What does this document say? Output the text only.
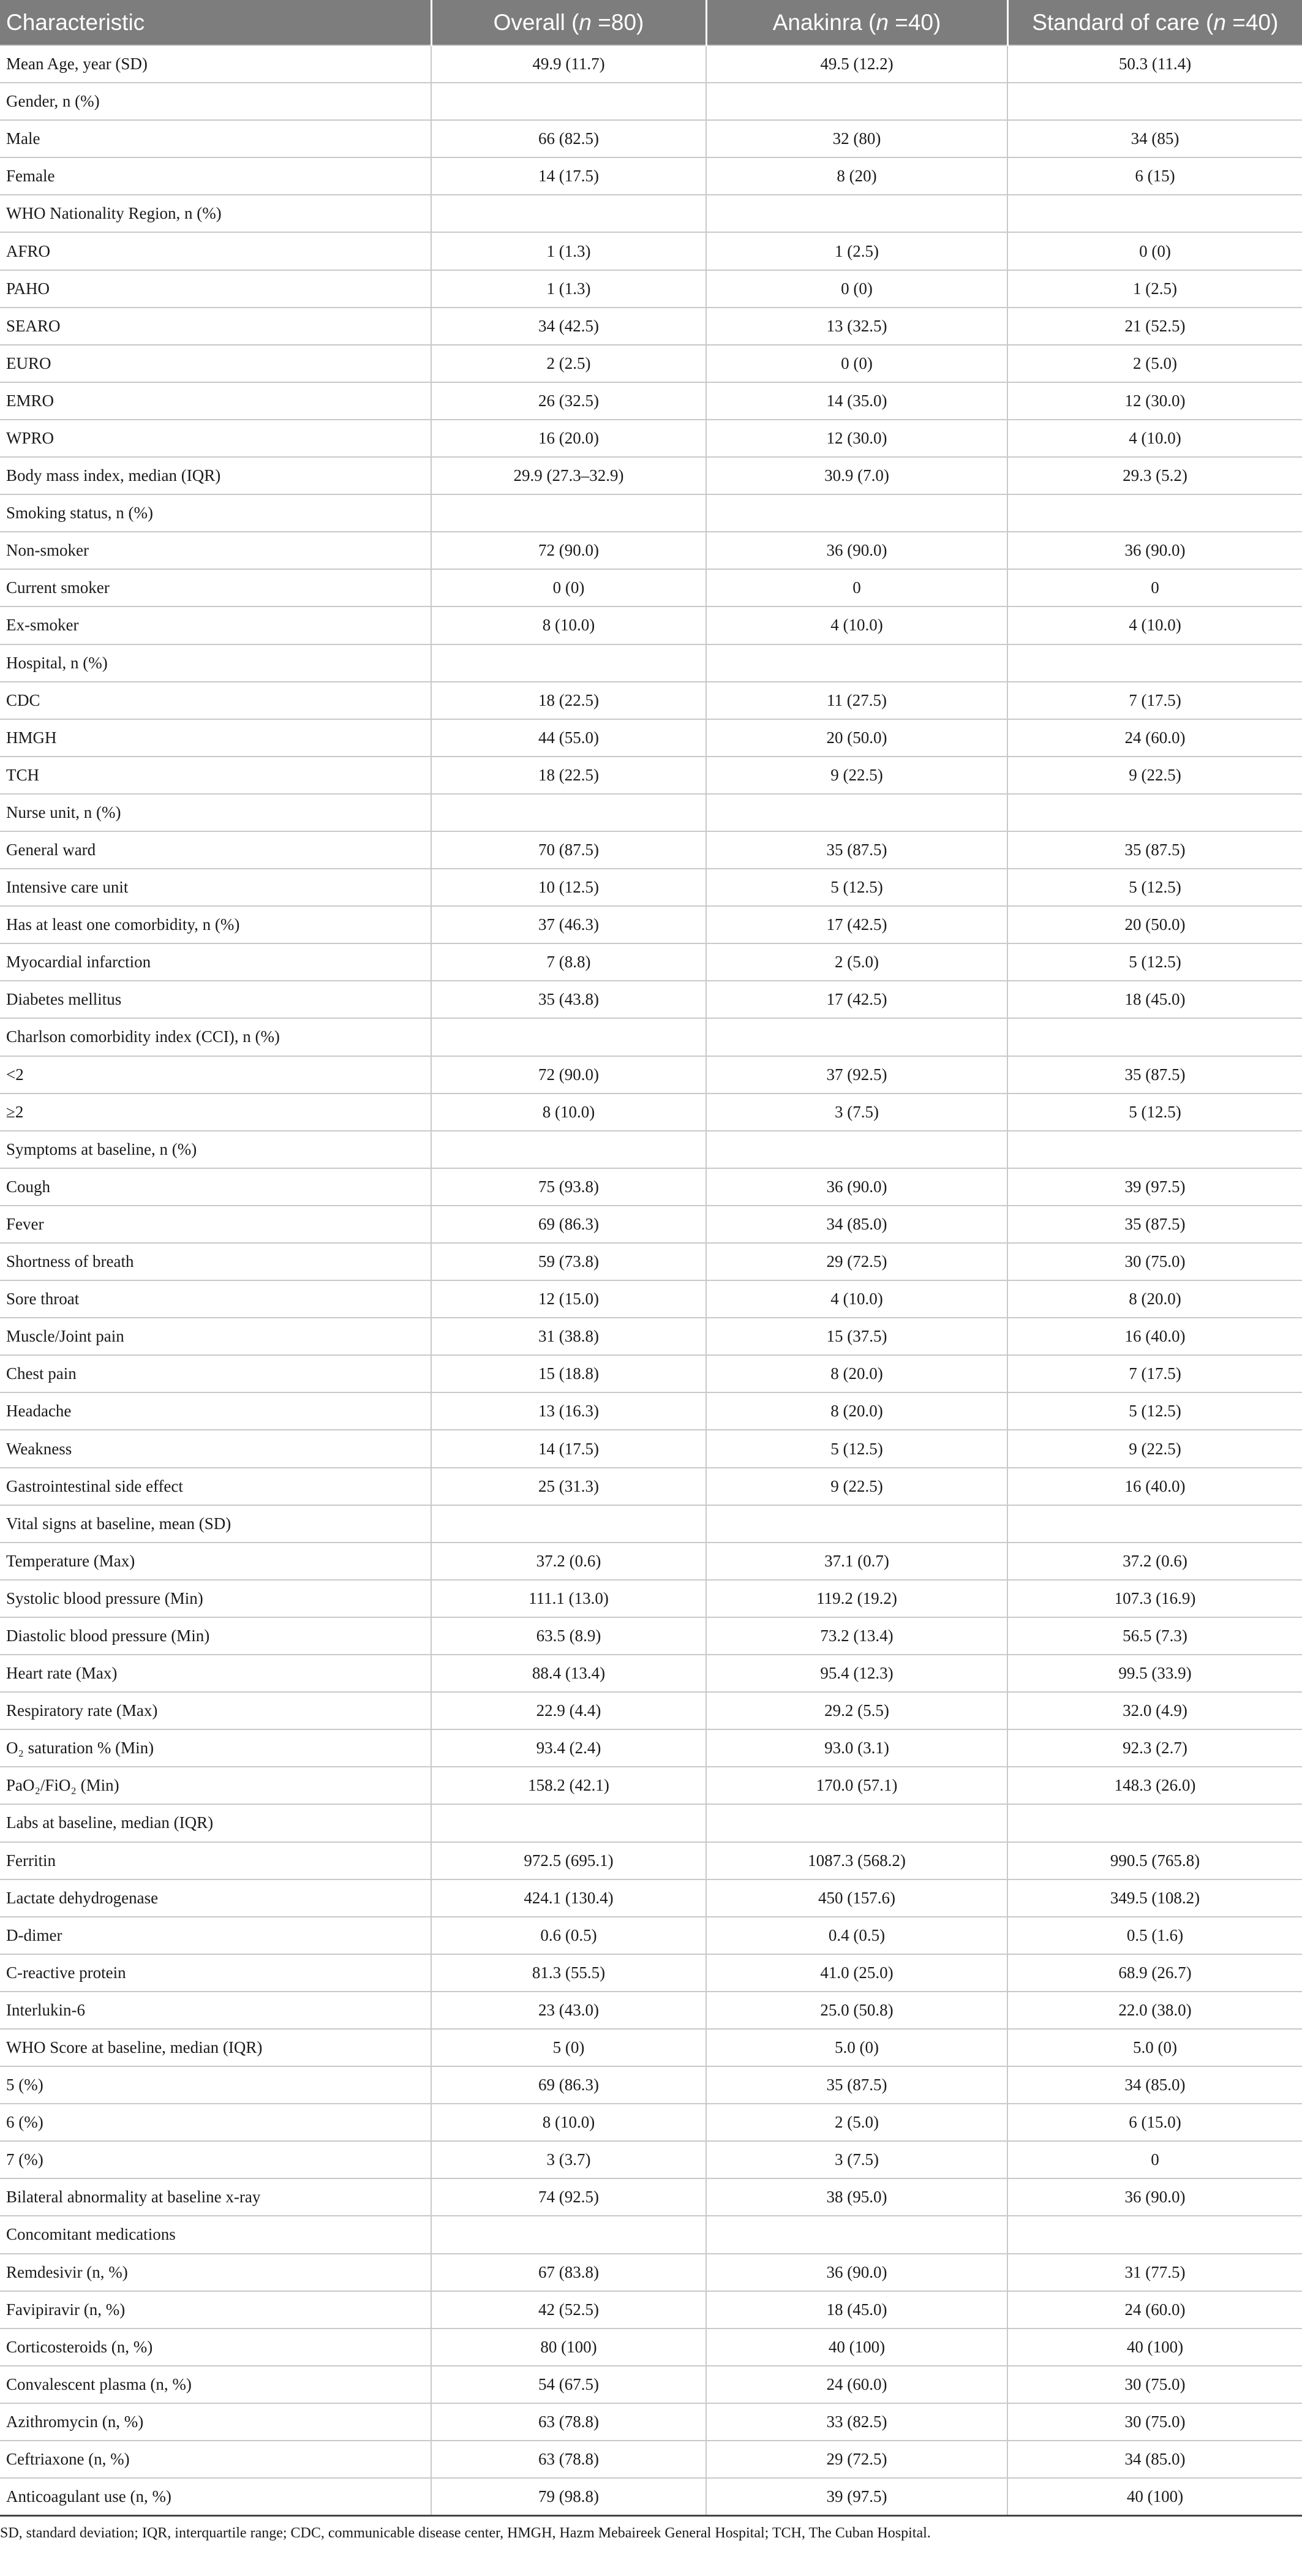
Characteristic	Overall (n =80)	Anakinra (n =40)	Standard of care (n =40)
Mean Age, year (SD)	49.9 (11.7)	49.5 (12.2)	50.3 (11.4)
Gender, n (%)			
Male	66 (82.5)	32 (80)	34 (85)
Female	14 (17.5)	8 (20)	6 (15)
WHO Nationality Region, n (%)			
AFRO	1 (1.3)	1 (2.5)	0 (0)
PAHO	1 (1.3)	0 (0)	1 (2.5)
SEARO	34 (42.5)	13 (32.5)	21 (52.5)
EURO	2 (2.5)	0 (0)	2 (5.0)
EMRO	26 (32.5)	14 (35.0)	12 (30.0)
WPRO	16 (20.0)	12 (30.0)	4 (10.0)
Body mass index, median (IQR)	29.9 (27.3–32.9)	30.9 (7.0)	29.3 (5.2)
Smoking status, n (%)			
Non-smoker	72 (90.0)	36 (90.0)	36 (90.0)
Current smoker	0 (0)	0	0
Ex-smoker	8 (10.0)	4 (10.0)	4 (10.0)
Hospital, n (%)			
CDC	18 (22.5)	11 (27.5)	7 (17.5)
HMGH	44 (55.0)	20 (50.0)	24 (60.0)
TCH	18 (22.5)	9 (22.5)	9 (22.5)
Nurse unit, n (%)			
General ward	70 (87.5)	35 (87.5)	35 (87.5)
Intensive care unit	10 (12.5)	5 (12.5)	5 (12.5)
Has at least one comorbidity, n (%)	37 (46.3)	17 (42.5)	20 (50.0)
Myocardial infarction	7 (8.8)	2 (5.0)	5 (12.5)
Diabetes mellitus	35 (43.8)	17 (42.5)	18 (45.0)
Charlson comorbidity index (CCI), n (%)			
<2	72 (90.0)	37 (92.5)	35 (87.5)
≥2	8 (10.0)	3 (7.5)	5 (12.5)
Symptoms at baseline, n (%)			
Cough	75 (93.8)	36 (90.0)	39 (97.5)
Fever	69 (86.3)	34 (85.0)	35 (87.5)
Shortness of breath	59 (73.8)	29 (72.5)	30 (75.0)
Sore throat	12 (15.0)	4 (10.0)	8 (20.0)
Muscle/Joint pain	31 (38.8)	15 (37.5)	16 (40.0)
Chest pain	15 (18.8)	8 (20.0)	7 (17.5)
Headache	13 (16.3)	8 (20.0)	5 (12.5)
Weakness	14 (17.5)	5 (12.5)	9 (22.5)
Gastrointestinal side effect	25 (31.3)	9 (22.5)	16 (40.0)
Vital signs at baseline, mean (SD)			
Temperature (Max)	37.2 (0.6)	37.1 (0.7)	37.2 (0.6)
Systolic blood pressure (Min)	111.1 (13.0)	119.2 (19.2)	107.3 (16.9)
Diastolic blood pressure (Min)	63.5 (8.9)	73.2 (13.4)	56.5 (7.3)
Heart rate (Max)	88.4 (13.4)	95.4 (12.3)	99.5 (33.9)
Respiratory rate (Max)	22.9 (4.4)	29.2 (5.5)	32.0 (4.9)
O₂ saturation % (Min)	93.4 (2.4)	93.0 (3.1)	92.3 (2.7)
PaO₂/FiO₂ (Min)	158.2 (42.1)	170.0 (57.1)	148.3 (26.0)
Labs at baseline, median (IQR)			
Ferritin	972.5 (695.1)	1087.3 (568.2)	990.5 (765.8)
Lactate dehydrogenase	424.1 (130.4)	450 (157.6)	349.5 (108.2)
D-dimer	0.6 (0.5)	0.4 (0.5)	0.5 (1.6)
C-reactive protein	81.3 (55.5)	41.0 (25.0)	68.9 (26.7)
Interlukin-6	23 (43.0)	25.0 (50.8)	22.0 (38.0)
WHO Score at baseline, median (IQR)	5 (0)	5.0 (0)	5.0 (0)
5 (%)	69 (86.3)	35 (87.5)	34 (85.0)
6 (%)	8 (10.0)	2 (5.0)	6 (15.0)
7 (%)	3 (3.7)	3 (7.5)	0
Bilateral abnormality at baseline x-ray	74 (92.5)	38 (95.0)	36 (90.0)
Concomitant medications			
Remdesivir (n, %)	67 (83.8)	36 (90.0)	31 (77.5)
Favipiravir (n, %)	42 (52.5)	18 (45.0)	24 (60.0)
Corticosteroids (n, %)	80 (100)	40 (100)	40 (100)
Convalescent plasma (n, %)	54 (67.5)	24 (60.0)	30 (75.0)
Azithromycin (n, %)	63 (78.8)	33 (82.5)	30 (75.0)
Ceftriaxone (n, %)	63 (78.8)	29 (72.5)	34 (85.0)
Anticoagulant use (n, %)	79 (98.8)	39 (97.5)	40 (100)
SD, standard deviation; IQR, interquartile range; CDC, communicable disease center, HMGH, Hazm Mebaireek General Hospital; TCH, The Cuban Hospital.
